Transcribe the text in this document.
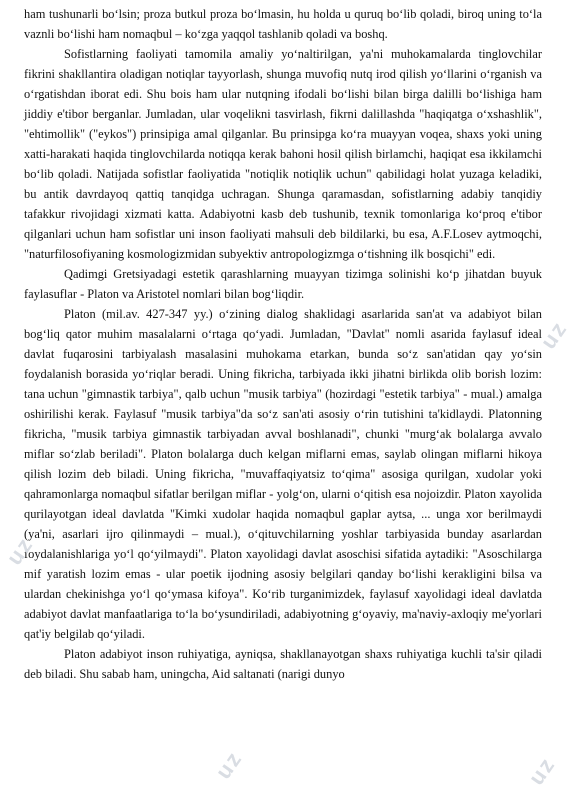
ham tushunarli bo‘lsin; proza butkul proza bo‘lmasin, hu holda u quruq bo‘lib qoladi, biroq uning to‘la vaznli bo‘lishi ham nomaqbul – ko‘zga yaqqol tashlanib qoladi va boshq.

Sofistlarning faoliyati tamomila amaliy yo‘naltirilgan, ya'ni muhokamalarda tinglovchilar fikrini shakllantira oladigan notiqlar tayyorlash, shunga muvofiq nutq irod qilish yo‘llarini o‘rganish va o‘rgatishdan iborat edi. Shu bois ham ular nutqning ifodali bo‘lishi bilan birga dalilli bo‘lishiga ham jiddiy e'tibor berganlar. Jumladan, ular voqelikni tasvirlash, fikrni dalillashda "haqiqatga o‘xshashlik", "ehtimollik" ("eykos") prinsipiga amal qilganlar. Bu prinsipga ko‘ra muayyan voqea, shaxs yoki uning xatti-harakati haqida tinglovchilarda notiqqa kerak bahoni hosil qilish birlamchi, haqiqat esa ikkilamchi bo‘lib qoladi. Natijada sofistlar faoliyatida "notiqlik notiqlik uchun" qabilidagi holat yuzaga keladiki, bu antik davrdayoq qattiq tanqidga uchragan. Shunga qaramasdan, sofistlarning adabiy tanqidiy tafakkur rivojidagi xizmati katta. Adabiyotni kasb deb tushunib, texnik tomonlariga ko‘proq e'tibor qilganlari uchun ham sofistlar uni inson faoliyati mahsuli deb bildilarki, bu esa, A.F.Losev aytmoqchi, "naturfilosofiyaning kosmologizmidan subyektiv antropologizmga o‘tishning ilk bosqichi" edi.

Qadimgi Gretsiyadagi estetik qarashlarning muayyan tizimga solinishi ko‘p jihatdan buyuk faylasuflar - Platon va Aristotel nomlari bilan bog‘liqdir.

Platon (mil.av. 427-347 yy.) o‘zining dialog shaklidagi asarlarida san'at va adabiyot bilan bog‘liq qator muhim masalalarni o‘rtaga qo‘yadi. Jumladan, "Davlat" nomli asarida faylasuf ideal davlat fuqarosini tarbiyalash masalasini muhokama etarkan, bunda so‘z san'atidan qay yo‘sin foydalanish borasida yo‘riqlar beradi. Uning fikricha, tarbiyada ikki jihatni birlikda olib borish lozim: tana uchun "gimnastik tarbiya", qalb uchun "musik tarbiya" (hozirdagi "estetik tarbiya" - mual.) amalga oshirilishi kerak. Faylasuf "musik tarbiya"da so‘z san'ati asosiy o‘rin tutishini ta'kidlaydi. Platonning fikricha, "musik tarbiya gimnastik tarbiyadan avval boshlanadi", chunki "murg‘ak bolalarga avvalo miflar so‘zlab beriladi". Platon bolalarga duch kelgan miflarni emas, saylab olingan miflarni hikoya qilish lozim deb biladi. Uning fikricha, "muvaffaqiyatsiz to‘qima" asosiga qurilgan, xudolar yoki qahramonlarga nomaqbul sifatlar berilgan miflar - yolg‘on, ularni o‘qitish esa nojoizdir. Platon xayolida qurilayotgan ideal davlatda "Kimki xudolar haqida nomaqbul gaplar aytsa, ... unga xor berilmaydi (ya'ni, asarlari ijro qilinmaydi – mual.), o‘qituvchilarning yoshlar tarbiyasida bunday asarlardan foydalanishlariga yo‘l qo‘yilmaydi". Platon xayolidagi davlat asoschisi sifatida aytadiki: "Asoschilarga mif yaratish lozim emas - ular poetik ijodning asosiy belgilari qanday bo‘lishi kerakligini bilsa va ulardan chekinishga yo‘l qo‘ymasa kifoya". Ko‘rib turganimizdek, faylasuf xayolidagi ideal davlatda adabiyot davlat manfaatlariga to‘la bo‘ysundiriladi, adabiyotning g‘oyaviy, ma'naviy-axloqiy me'yorlari qat'iy belgilab qo‘yiladi.

Platon adabiyot inson ruhiyatiga, ayniqsa, shakllanayotgan shaxs ruhiyatiga kuchli ta'sir qiladi deb biladi. Shu sabab ham, uningcha, Aid saltanati (narigi dunyo

uz
uz
uz
uz
